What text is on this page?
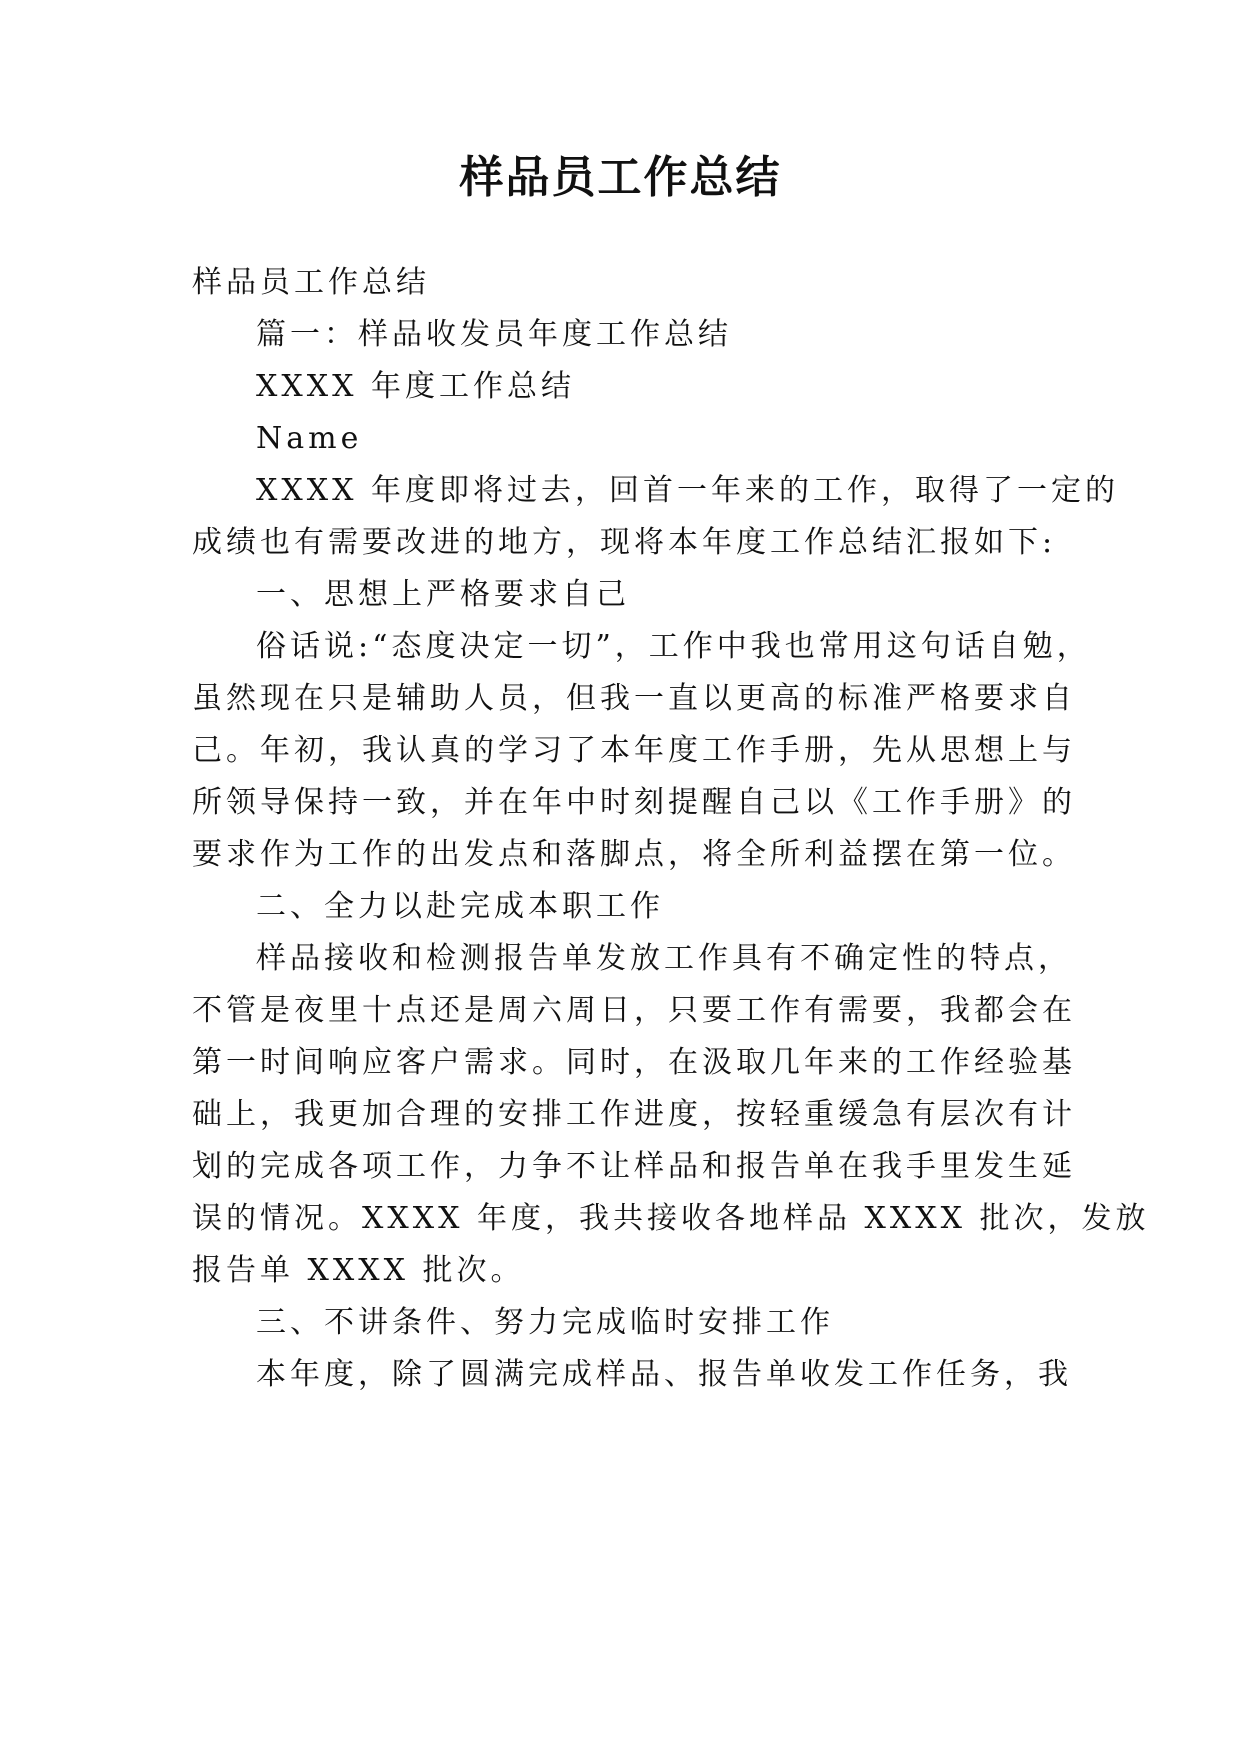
样品员工作总结
样品员工作总结
篇一：样品收发员年度工作总结
XXXX 年度工作总结
Name
XXXX 年度即将过去，回首一年来的工作，取得了一定的
成绩也有需要改进的地方，现将本年度工作总结汇报如下:
一、思想上严格要求自己
俗话说:“态度决定一切”，工作中我也常用这句话自勉，
虽然现在只是辅助人员，但我一直以更高的标准严格要求自
己。年初，我认真的学习了本年度工作手册，先从思想上与
所领导保持一致，并在年中时刻提醒自己以《工作手册》的
要求作为工作的出发点和落脚点，将全所利益摆在第一位。
二、全力以赴完成本职工作
样品接收和检测报告单发放工作具有不确定性的特点，
不管是夜里十点还是周六周日，只要工作有需要，我都会在
第一时间响应客户需求。同时，在汲取几年来的工作经验基
础上，我更加合理的安排工作进度，按轻重缓急有层次有计
划的完成各项工作，力争不让样品和报告单在我手里发生延
误的情况。XXXX 年度，我共接收各地样品 XXXX 批次，发放
报告单 XXXX 批次。
三、不讲条件、努力完成临时安排工作
本年度，除了圆满完成样品、报告单收发工作任务，我
